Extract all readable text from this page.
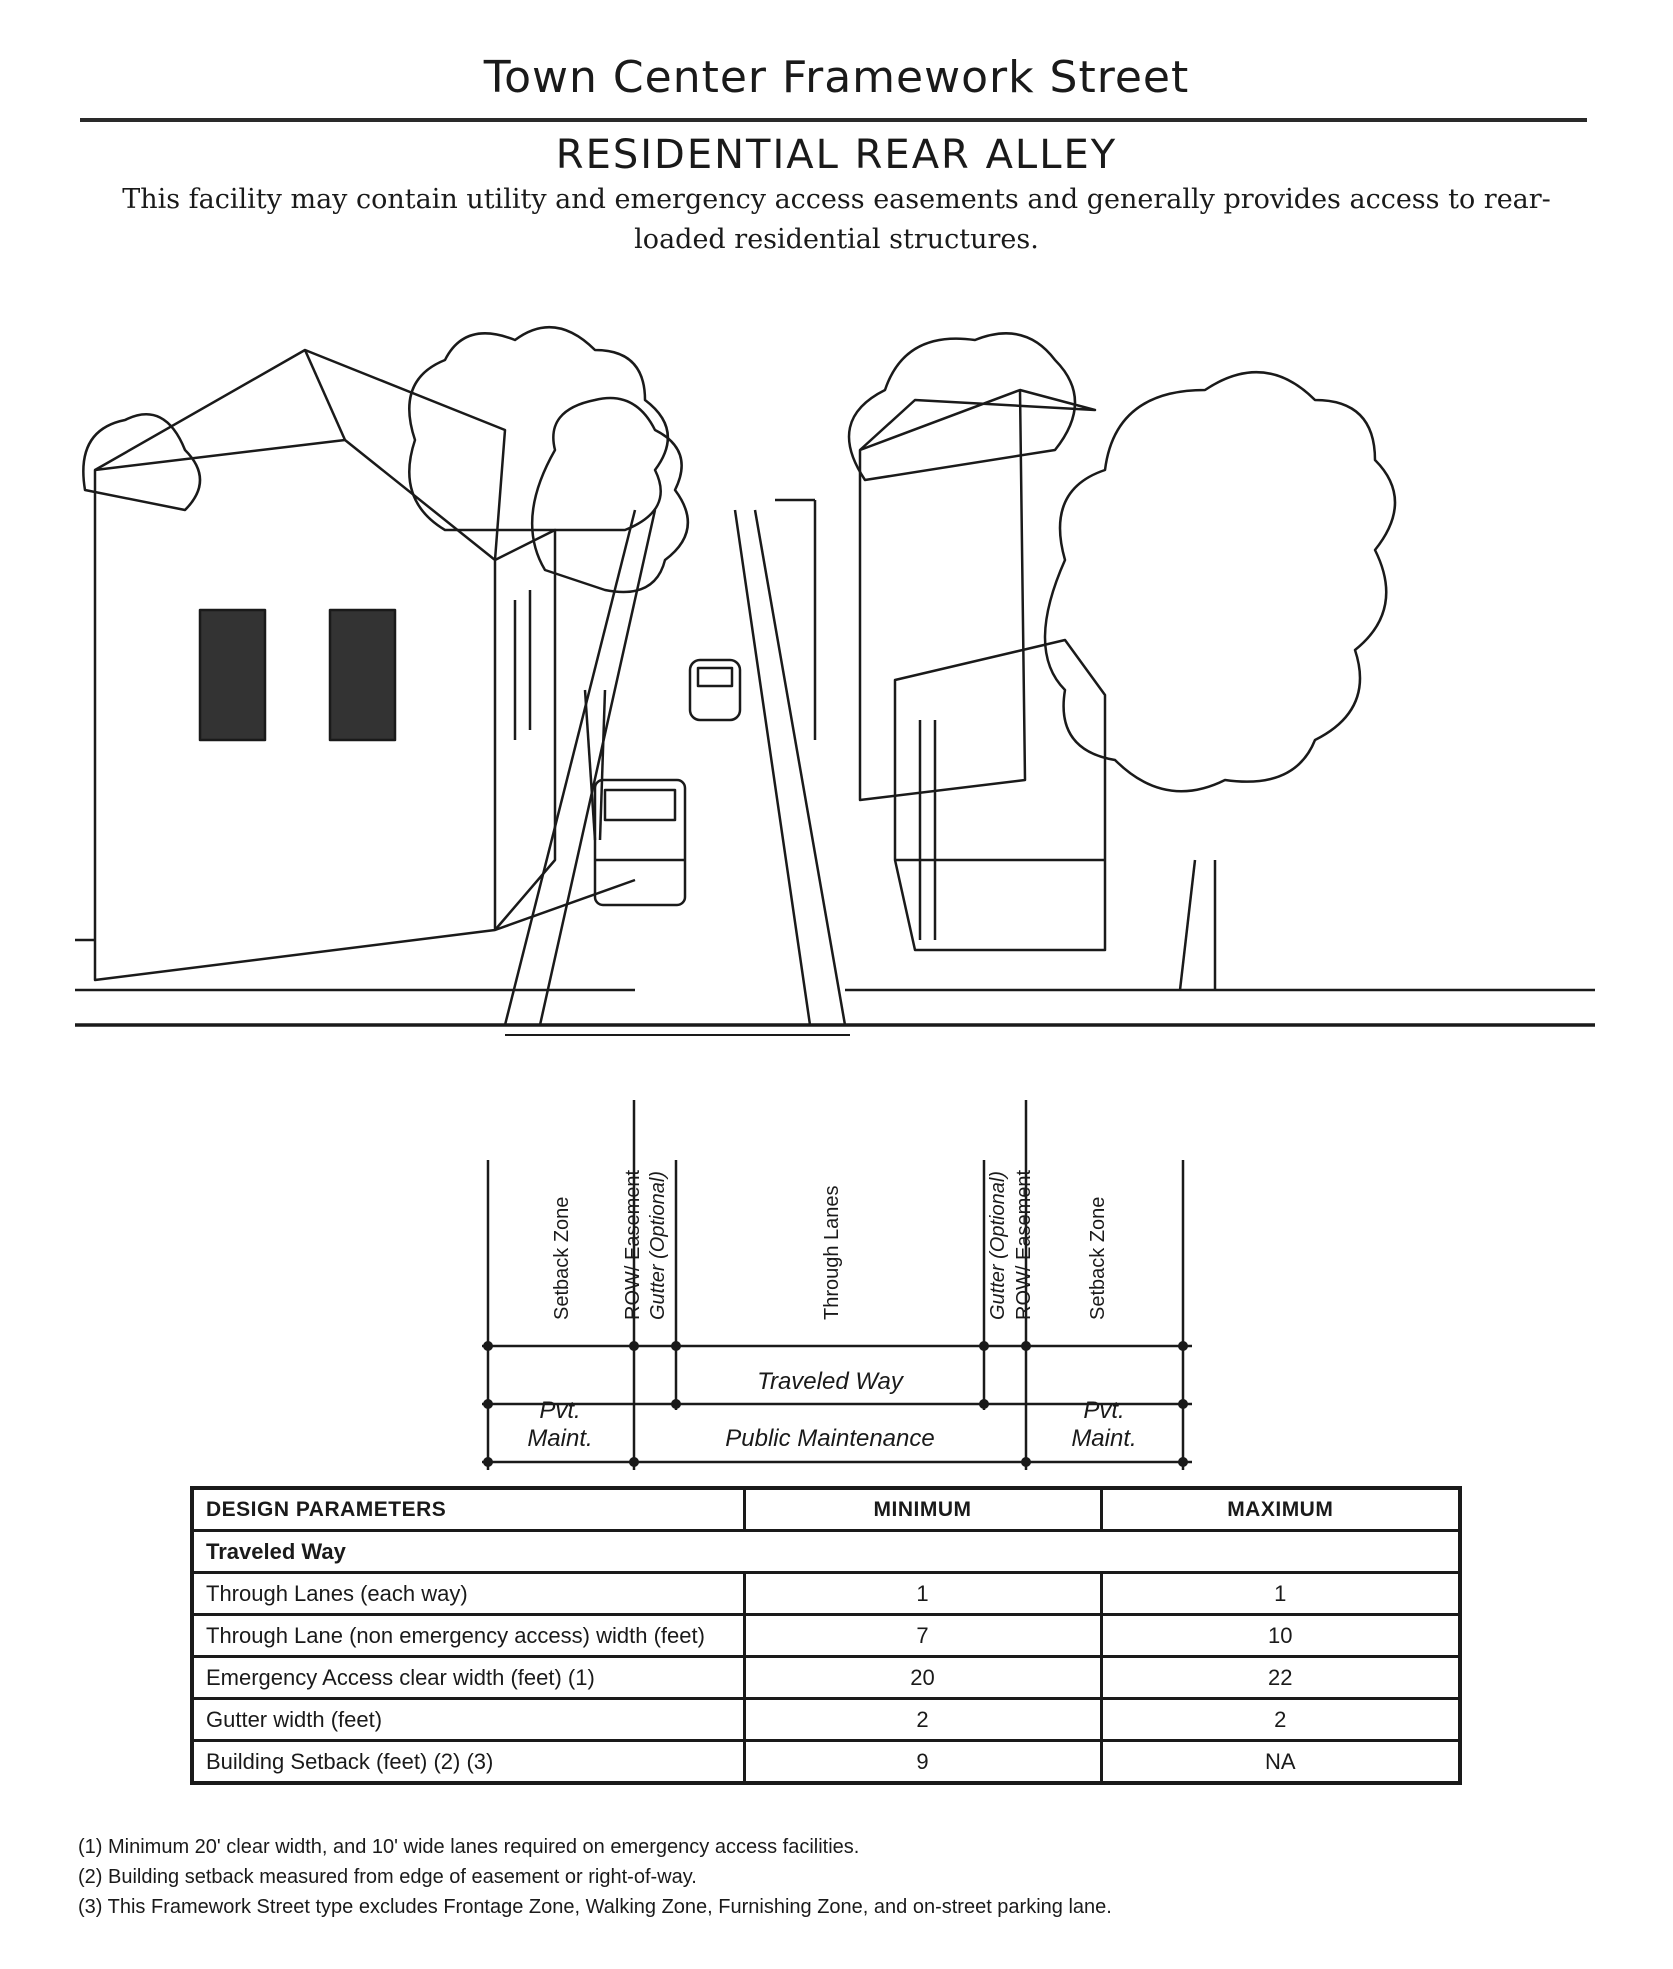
Town Center Framework Street
RESIDENTIAL REAR ALLEY
This facility may contain utility and emergency access easements and generally provides access to rear-loaded residential structures.
Setback Zone ROW/ Easement Gutter (Optional)	Through Lanes	Gutter (Optional) ROW/ Easement	Setback Zone
Traveled Way
Pvt.
Maint.	Public Maintenance
Pvt.
Maint.
DESIGN PARAMETERS	MINIMUM	MAXIMUM
Traveled Way		
Through Lanes (each way)	1	1
Through Lane (non emergency access) width (feet)	7	10
Emergency Access clear width (feet) (1)	20	22
Gutter width (feet)	2	2
Building Setback (feet) (2) (3)	9	NA
(1) Minimum 20' clear width, and 10' wide lanes required on emergency access facilities.
(2) Building setback measured from edge of easement or right-of-way.
(3) This Framework Street type excludes Frontage Zone, Walking Zone, Furnishing Zone, and on-street parking lane.
